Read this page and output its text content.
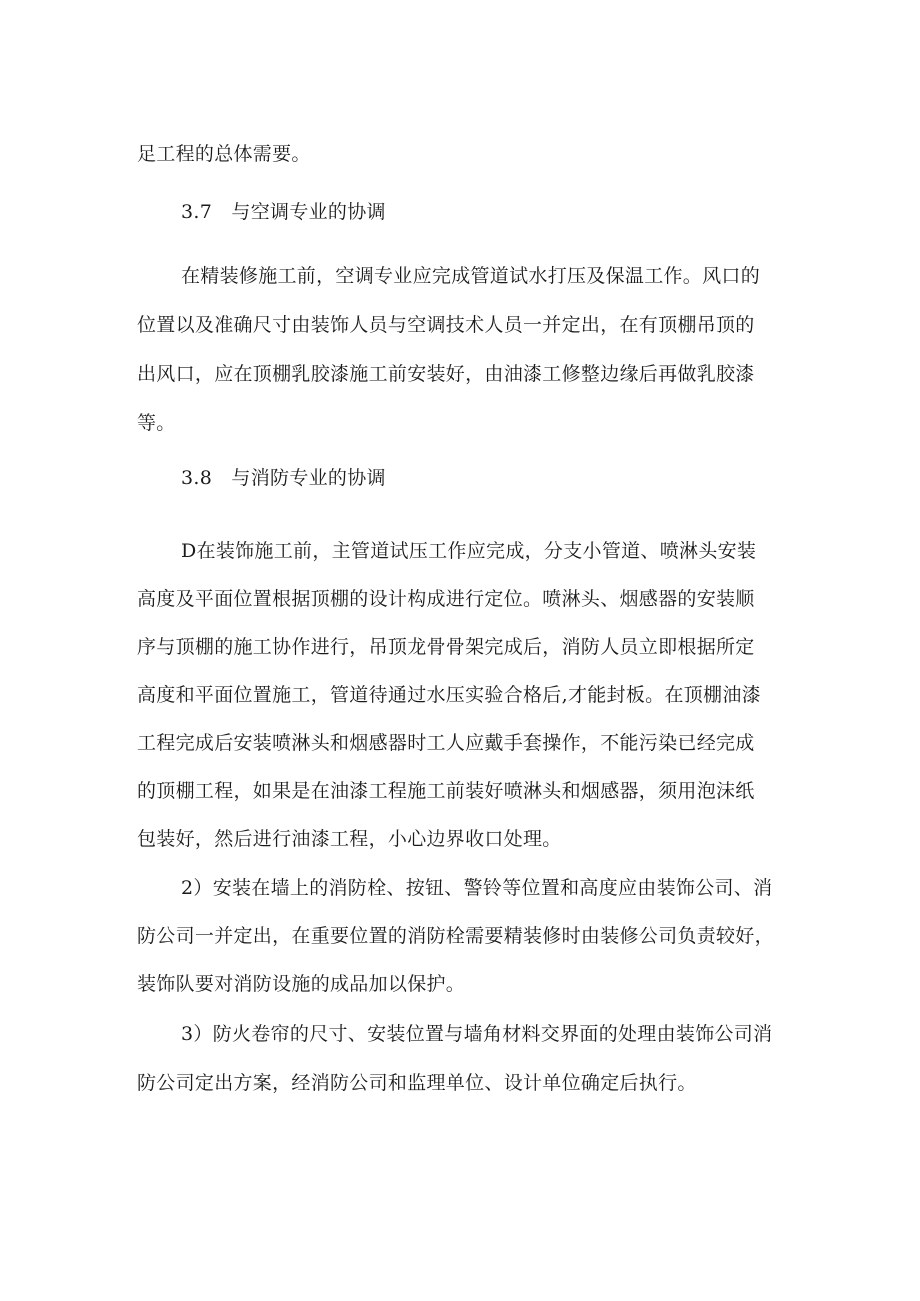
足工程的总体需要。
3.7　与空调专业的协调
在精装修施工前，空调专业应完成管道试水打压及保温工作。风口的
位置以及准确尺寸由装饰人员与空调技术人员一并定出，在有顶棚吊顶的
出风口，应在顶棚乳胶漆施工前安装好，由油漆工修整边缘后再做乳胶漆
等。
3.8　与消防专业的协调
D在装饰施工前，主管道试压工作应完成，分支小管道、喷淋头安装
高度及平面位置根据顶棚的设计构成进行定位。喷淋头、烟感器的安装顺
序与顶棚的施工协作进行，吊顶龙骨骨架完成后，消防人员立即根据所定
高度和平面位置施工，管道待通过水压实验合格后,才能封板。在顶棚油漆
工程完成后安装喷淋头和烟感器时工人应戴手套操作，不能污染已经完成
的顶棚工程，如果是在油漆工程施工前装好喷淋头和烟感器，须用泡沫纸
包装好，然后进行油漆工程，小心边界收口处理。
2）安装在墙上的消防栓、按钮、警铃等位置和高度应由装饰公司、消
防公司一并定出，在重要位置的消防栓需要精装修时由装修公司负责较好，
装饰队要对消防设施的成品加以保护。
3）防火卷帘的尺寸、安装位置与墙角材料交界面的处理由装饰公司消
防公司定出方案，经消防公司和监理单位、设计单位确定后执行。
